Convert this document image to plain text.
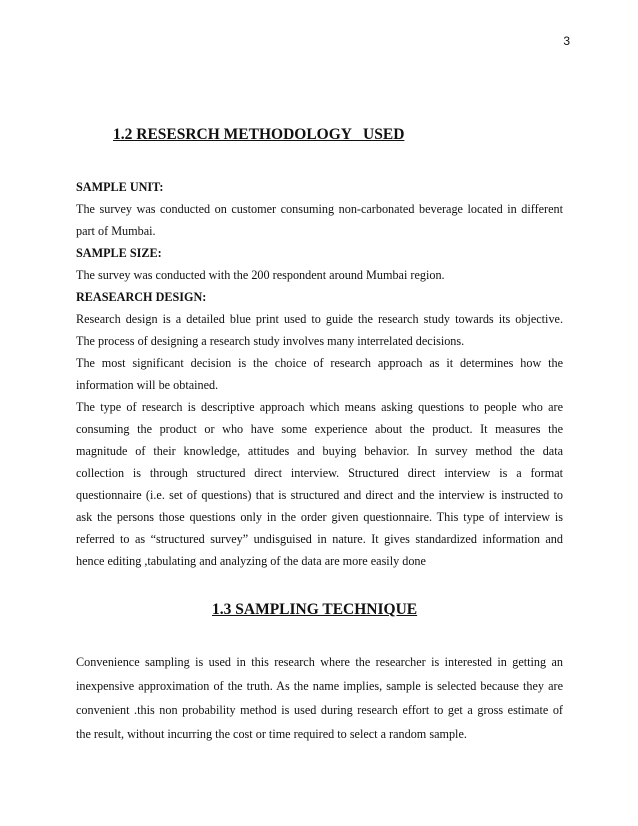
3
1.2 RESESRCH METHODOLOGY   USED
SAMPLE UNIT:
The survey was conducted on customer consuming non-carbonated beverage located in different
part of Mumbai.
SAMPLE SIZE:
The survey was conducted with the 200 respondent around Mumbai region.
REASEARCH DESIGN:
Research design is a detailed blue print used to guide the research study towards its objective.
The process of designing a research study involves many interrelated decisions.
The most significant decision is the choice of research approach as it determines how the
information will be obtained.
The type of research is descriptive approach which means asking questions to people who are
consuming the product or who have some experience about the product. It measures the
magnitude of their knowledge, attitudes and buying behavior. In survey method the data
collection is through structured direct interview. Structured direct interview is a format
questionnaire (i.e. set of questions) that is structured and direct and the interview is instructed to
ask the persons those questions only in the order given questionnaire. This type of interview is
referred to as “structured survey” undisguised in nature. It gives standardized information and
hence editing ,tabulating and analyzing of the data are more easily done
1.3 SAMPLING TECHNIQUE
Convenience sampling is used in this research where the researcher is interested in getting an
inexpensive approximation of the truth. As the name implies, sample is selected because they are
convenient .this non probability method is used during research effort to get a gross estimate of
the result, without incurring the cost or time required to select a random sample.
